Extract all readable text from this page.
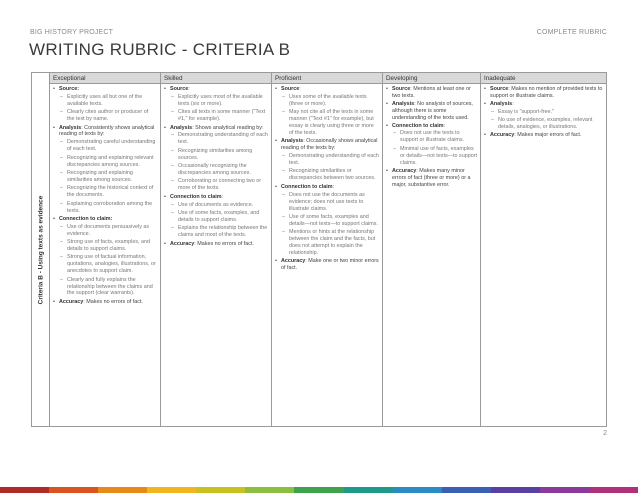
BIG HISTORY PROJECT	COMPLETE RUBRIC
WRITING RUBRIC - CRITERIA B
Criteria B - Using texts as evidence
Exceptional
• Source:
– Explicitly uses all but one of the available texts.
– Clearly cites author or producer of the text by name.
• Analysis: Consistently shows analytical reading of texts by:
– Demonstrating careful understanding of each text.
– Recognizing and explaining relevant discrepancies among sources.
– Recognizing and explaining similarities among sources.
– Recognizing the historical context of the documents.
– Explaining corroboration among the texts.
• Connection to claim:
– Use of documents persuasively as evidence.
– Strong use of facts, examples, and details to support claims.
– Strong use of factual information, quotations, analogies, illustrations, or anecdotes to support claim.
– Clearly and fully explains the relationship between the claims and the support (clear warrants).
• Accuracy: Makes no errors of fact.
Skilled
• Source:
– Explicitly uses most of the available texts (six or more).
– Cites all texts in some manner ("Text #1," for example).
• Analysis: Shows analytical reading by:
– Demonstrating understanding of each text.
– Recognizing similarities among sources.
– Occasionally recognizing the discrepancies among sources.
– Corroborating or connecting two or more of the texts.
• Connection to claim:
– Use of documents as evidence.
– Use of some facts, examples, and details to support claims.
– Explains the relationship between the claims and most of the texts.
• Accuracy: Makes no errors of fact.
Proficient
• Source:
– Uses some of the available texts (three or more).
– May not cite all of the texts in some manner ("Text #1" for example), but essay is clearly using three or more of the texts.
• Analysis: Occasionally shows analytical reading of the texts by:
– Demonstrating understanding of each text.
– Recognizing similarities or discrepancies between two sources.
• Connection to claim:
– Does not use the documents as evidence; does not use texts to illustrate claims.
– Use of some facts, examples and details—not texts—to support claims.
– Mentions or hints at the relationship between the claim and the facts, but does not attempt to explain the relationship.
• Accuracy: Make one or two minor errors of fact.
Developing
• Source: Mentions at least one or two texts.
• Analysis: No analysis of sources, although there is some understanding of the texts used.
• Connection to claim:
– Does not use the texts to support or illustrate claims.
– Minimal use of facts, examples or details—not texts—to support claims.
• Accuracy: Makes many minor errors of fact (three or more) or a major, substantive error.
Inadequate
• Source: Makes no mention of provided texts to support or illustrate claims.
• Analysis:
– Essay is "support-free."
– No use of evidence, examples, relevant details, analogies, or illustrations.
• Accuracy: Makes major errors of fact.
2
